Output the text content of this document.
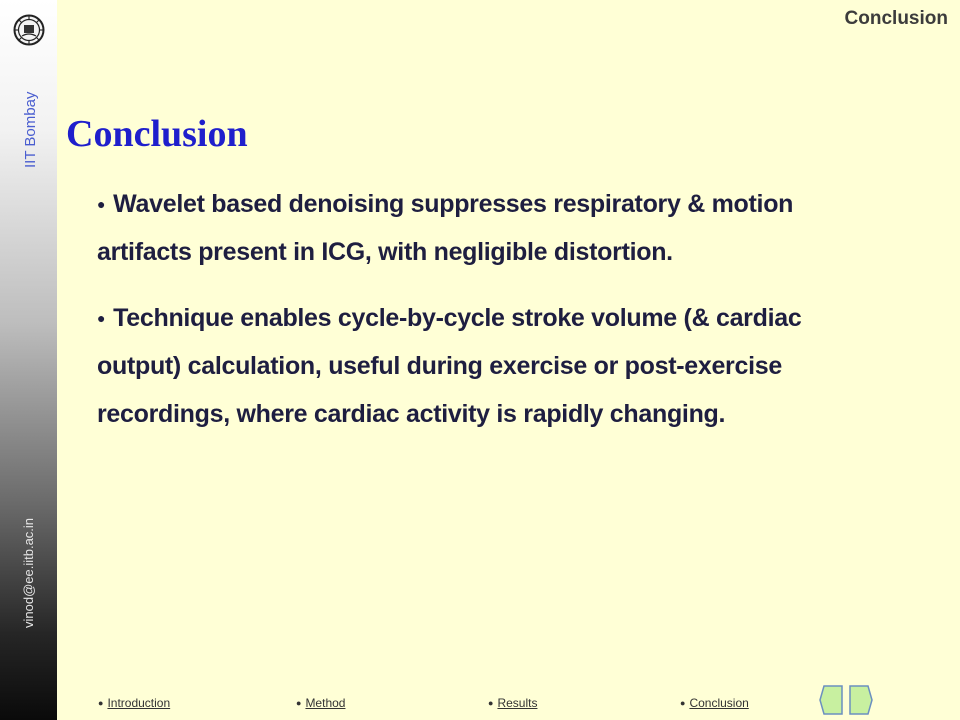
IIT Bombay
vinod@ee.iitb.ac.in
Conclusion
Conclusion

● Wavelet based denoising suppresses respiratory & motion artifacts present in ICG, with negligible distortion.

● Technique enables cycle-by-cycle stroke volume (& cardiac output) calculation, useful during exercise or post-exercise recordings, where cardiac activity is rapidly changing.

● Introduction	● Method	● Results	● Conclusion
